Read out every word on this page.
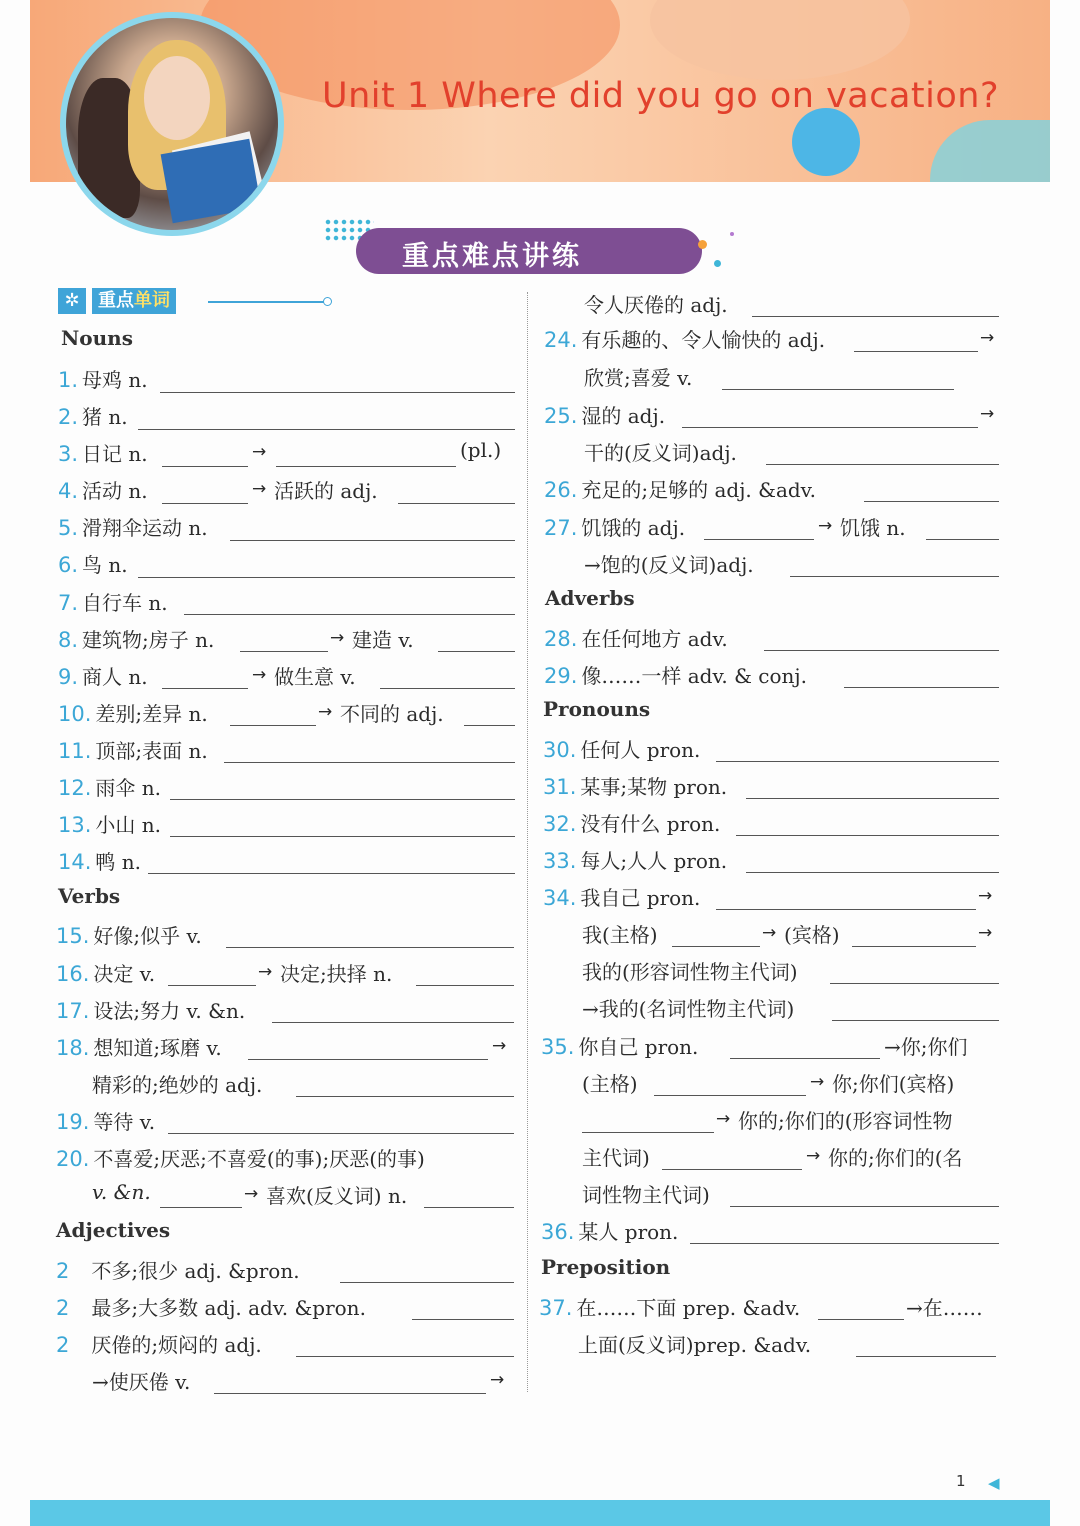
Unit 1 Where did you go on vacation?
重点难点讲练
✲	重点单词
Nouns
Verbs
Adjectives
1. 母鸡 n.
2. 猪 n.
3. 日记 n.	→	(pl.)
4. 活动 n.	→ 活跃的 adj.
5. 滑翔伞运动 n.
6. 鸟 n.
7. 自行车 n.
8. 建筑物;房子 n.	→ 建造 v.
9. 商人 n.	→ 做生意 v.
10. 差别;差异 n.	→ 不同的 adj.
11. 顶部;表面 n.
12. 雨伞 n.
13. 小山 n.
14. 鸭 n.
15. 好像;似乎 v.
16. 决定 v.	→ 决定;抉择 n.
17. 设法;努力 v. &n.
18. 想知道;琢磨 v.	→
精彩的;绝妙的 adj.
19. 等待 v.
20. 不喜爱;厌恶;不喜爱(的事);厌恶(的事)
v. &n.	→ 喜欢(反义词) n.
2 不多;很少 adj. &pron.
2 最多;大多数 adj. adv. &pron.
2 厌倦的;烦闷的 adj.
→使厌倦 v.	→
Adverbs
Pronouns
Preposition
令人厌倦的 adj.
24. 有乐趣的、令人愉快的 adj.	→
欣赏;喜爱 v.
25. 湿的 adj.	→
干的(反义词)adj.
26. 充足的;足够的 adj. &adv.
27. 饥饿的 adj.	→ 饥饿 n.
→饱的(反义词)adj.
28. 在任何地方 adv.
29. 像……一样 adv. & conj.
30. 任何人 pron.
31. 某事;某物 pron.
32. 没有什么 pron.
33. 每人;人人 pron.
34. 我自己 pron.	→
我(主格)	→ (宾格)	→
我的(形容词性物主代词)
→我的(名词性物主代词)
35. 你自己 pron.	→你;你们
(主格)	→ 你;你们(宾格)
→ 你的;你们的(形容词性物
主代词)	→ 你的;你们的(名
词性物主代词)
36. 某人 pron.
37. 在……下面 prep. &adv.	→在……
上面(反义词)prep. &adv.
1 ◀
